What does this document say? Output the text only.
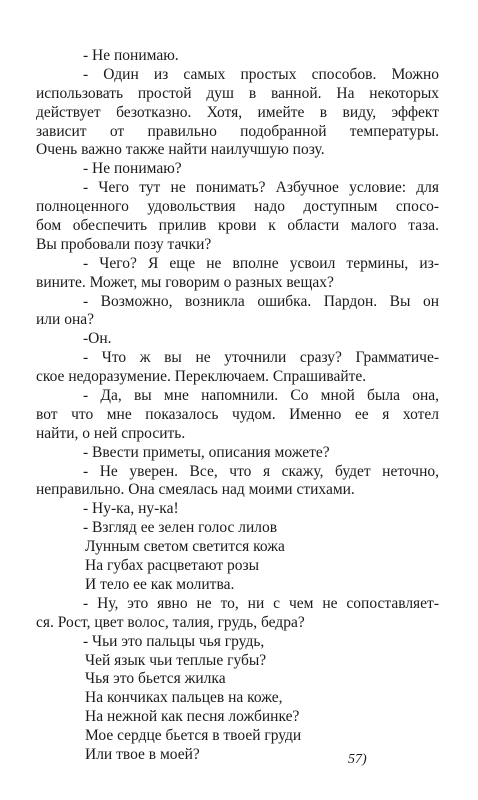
- Не понимаю.
- Один из самых простых способов. Можно
использовать простой душ в ванной. На некоторых
действует безотказно. Хотя, имейте в виду, эффект
зависит от правильно подобранной температуры.
Очень важно также найти наилучшую позу.
- Не понимаю?
- Чего тут не понимать? Азбучное условие: для
полноценного удовольствия надо доступным спосо-
бом обеспечить прилив крови к области малого таза.
Вы пробовали позу тачки?
- Чего? Я еще не вполне усвоил термины, из-
вините. Может, мы говорим о разных вещах?
- Возможно, возникла ошибка. Пардон. Вы он
или она?
-Он.
- Что ж вы не уточнили сразу? Грамматиче-
ское недоразумение. Переключаем. Спрашивайте.
- Да, вы мне напомнили. Со мной была она,
вот что мне показалось чудом. Именно ее я хотел
найти, о ней спросить.
- Ввести приметы, описания можете?
- Не уверен. Все, что я скажу, будет неточно,
неправильно. Она смеялась над моими стихами.
- Ну-ка, ну-ка!
- Взгляд ее зелен голос лилов
Лунным светом светится кожа
На губах расцветают розы
И тело ее как молитва.
- Ну, это явно не то, ни с чем не сопоставляет-
ся. Рост, цвет волос, талия, грудь, бедра?
- Чьи это пальцы чья грудь,
Чей язык чьи теплые губы?
Чья это бьется жилка
На кончиках пальцев на коже,
На нежной как песня ложбинке?
Мое сердце бьется в твоей груди
Или твое в моей?	57)
